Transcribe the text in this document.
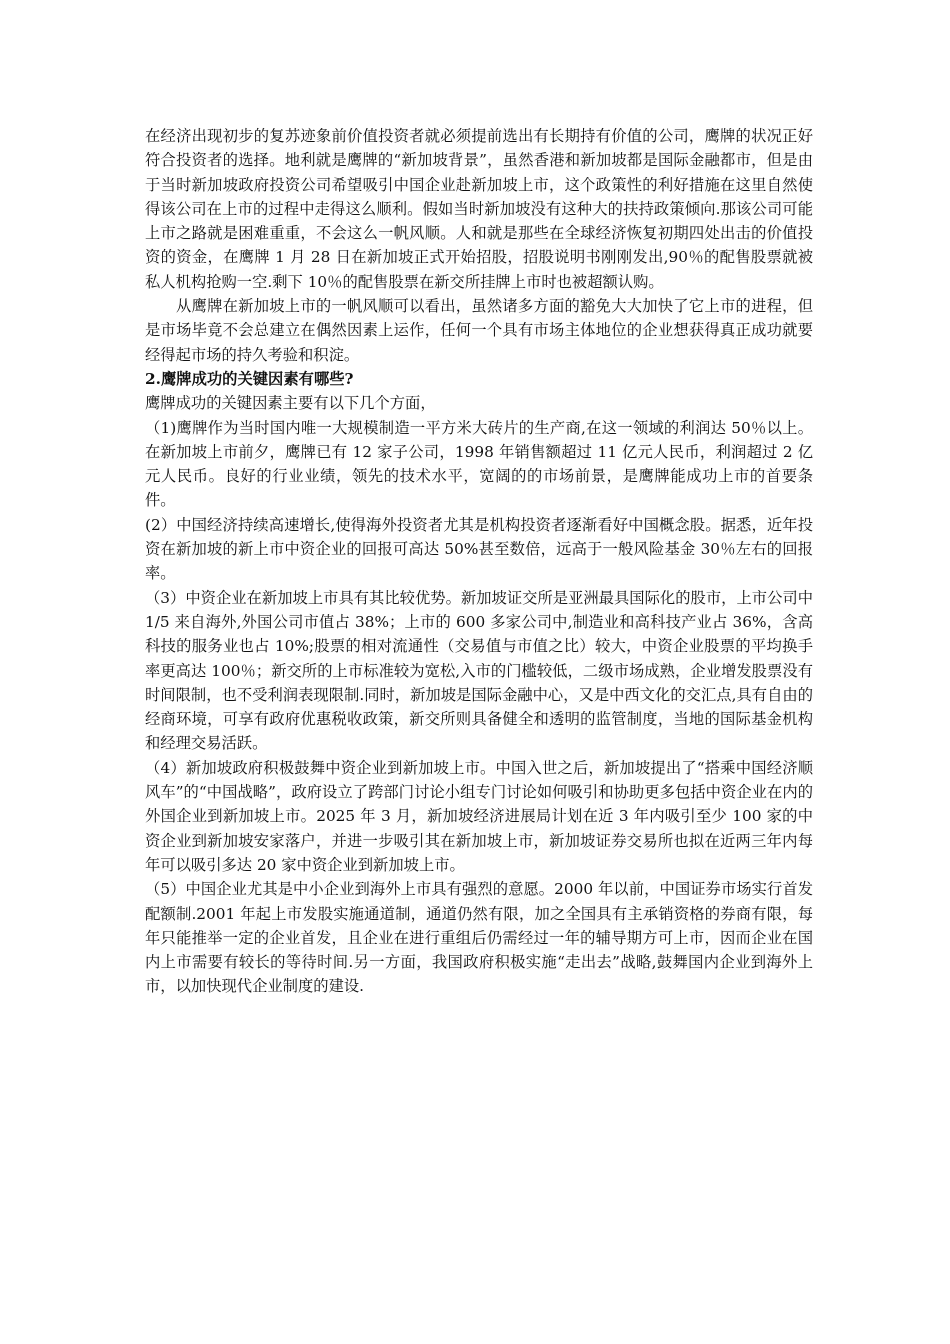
在经济出现初步的复苏迹象前价值投资者就必须提前选出有长期持有价值的公司，鹰牌的状况正好符合投资者的选择。地利就是鹰牌的“新加坡背景”，虽然香港和新加坡都是国际金融都市，但是由于当时新加坡政府投资公司希望吸引中国企业赴新加坡上市，这个政策性的利好措施在这里自然使得该公司在上市的过程中走得这么顺利。假如当时新加坡没有这种大的扶持政策倾向.那该公司可能上市之路就是困难重重，不会这么一帆风顺。人和就是那些在全球经济恢复初期四处出击的价值投资的资金，在鹰牌 1 月 28 日在新加坡正式开始招股，招股说明书刚刚发出,90％的配售股票就被私人机构抢购一空.剩下 10％的配售股票在新交所挂牌上市时也被超额认购。

从鹰牌在新加坡上市的一帆风顺可以看出，虽然诸多方面的豁免大大加快了它上市的进程，但是市场毕竟不会总建立在偶然因素上运作，任何一个具有市场主体地位的企业想获得真正成功就要经得起市场的持久考验和积淀。

2.鹰牌成功的关键因素有哪些?

鹰牌成功的关键因素主要有以下几个方面，

（1)鹰牌作为当时国内唯一大规模制造一平方米大砖片的生产商,在这一领域的利润达 50％以上。在新加坡上市前夕，鹰牌已有 12 家子公司，1998 年销售额超过 11 亿元人民币，利润超过 2 亿元人民币。良好的行业业绩，领先的技术水平，宽阔的的市场前景，是鹰牌能成功上市的首要条件。

(2）中国经济持续高速增长,使得海外投资者尤其是机构投资者逐渐看好中国概念股。据悉，近年投资在新加坡的新上市中资企业的回报可高达 50%甚至数倍，远高于一般风险基金 30％左右的回报率。

（3）中资企业在新加坡上市具有其比较优势。新加坡证交所是亚洲最具国际化的股市，上市公司中 1/5 来自海外,外国公司市值占 38%；上市的 600 多家公司中,制造业和高科技产业占 36%，含高科技的服务业也占 10%;股票的相对流通性（交易值与市值之比）较大，中资企业股票的平均换手率更高达 100％；新交所的上市标准较为宽松,入市的门槛较低，二级市场成熟，企业增发股票没有时间限制，也不受利润表现限制.同时，新加坡是国际金融中心，又是中西文化的交汇点,具有自由的经商环境，可享有政府优惠税收政策，新交所则具备健全和透明的监管制度，当地的国际基金机构和经理交易活跃。

（4）新加坡政府积极鼓舞中资企业到新加坡上市。中国入世之后，新加坡提出了“搭乘中国经济顺风车”的“中国战略”，政府设立了跨部门讨论小组专门讨论如何吸引和协助更多包括中资企业在内的外国企业到新加坡上市。2025 年 3 月，新加坡经济进展局计划在近 3 年内吸引至少 100 家的中资企业到新加坡安家落户，并进一步吸引其在新加坡上市，新加坡证券交易所也拟在近两三年内每年可以吸引多达 20 家中资企业到新加坡上市。

（5）中国企业尤其是中小企业到海外上市具有强烈的意愿。2000 年以前，中国证券市场实行首发配额制.2001 年起上市发股实施通道制，通道仍然有限，加之全国具有主承销资格的券商有限，每年只能推举一定的企业首发，且企业在进行重组后仍需经过一年的辅导期方可上市，因而企业在国内上市需要有较长的等待时间.另一方面，我国政府积极实施“走出去”战略,鼓舞国内企业到海外上市，以加快现代企业制度的建设.
